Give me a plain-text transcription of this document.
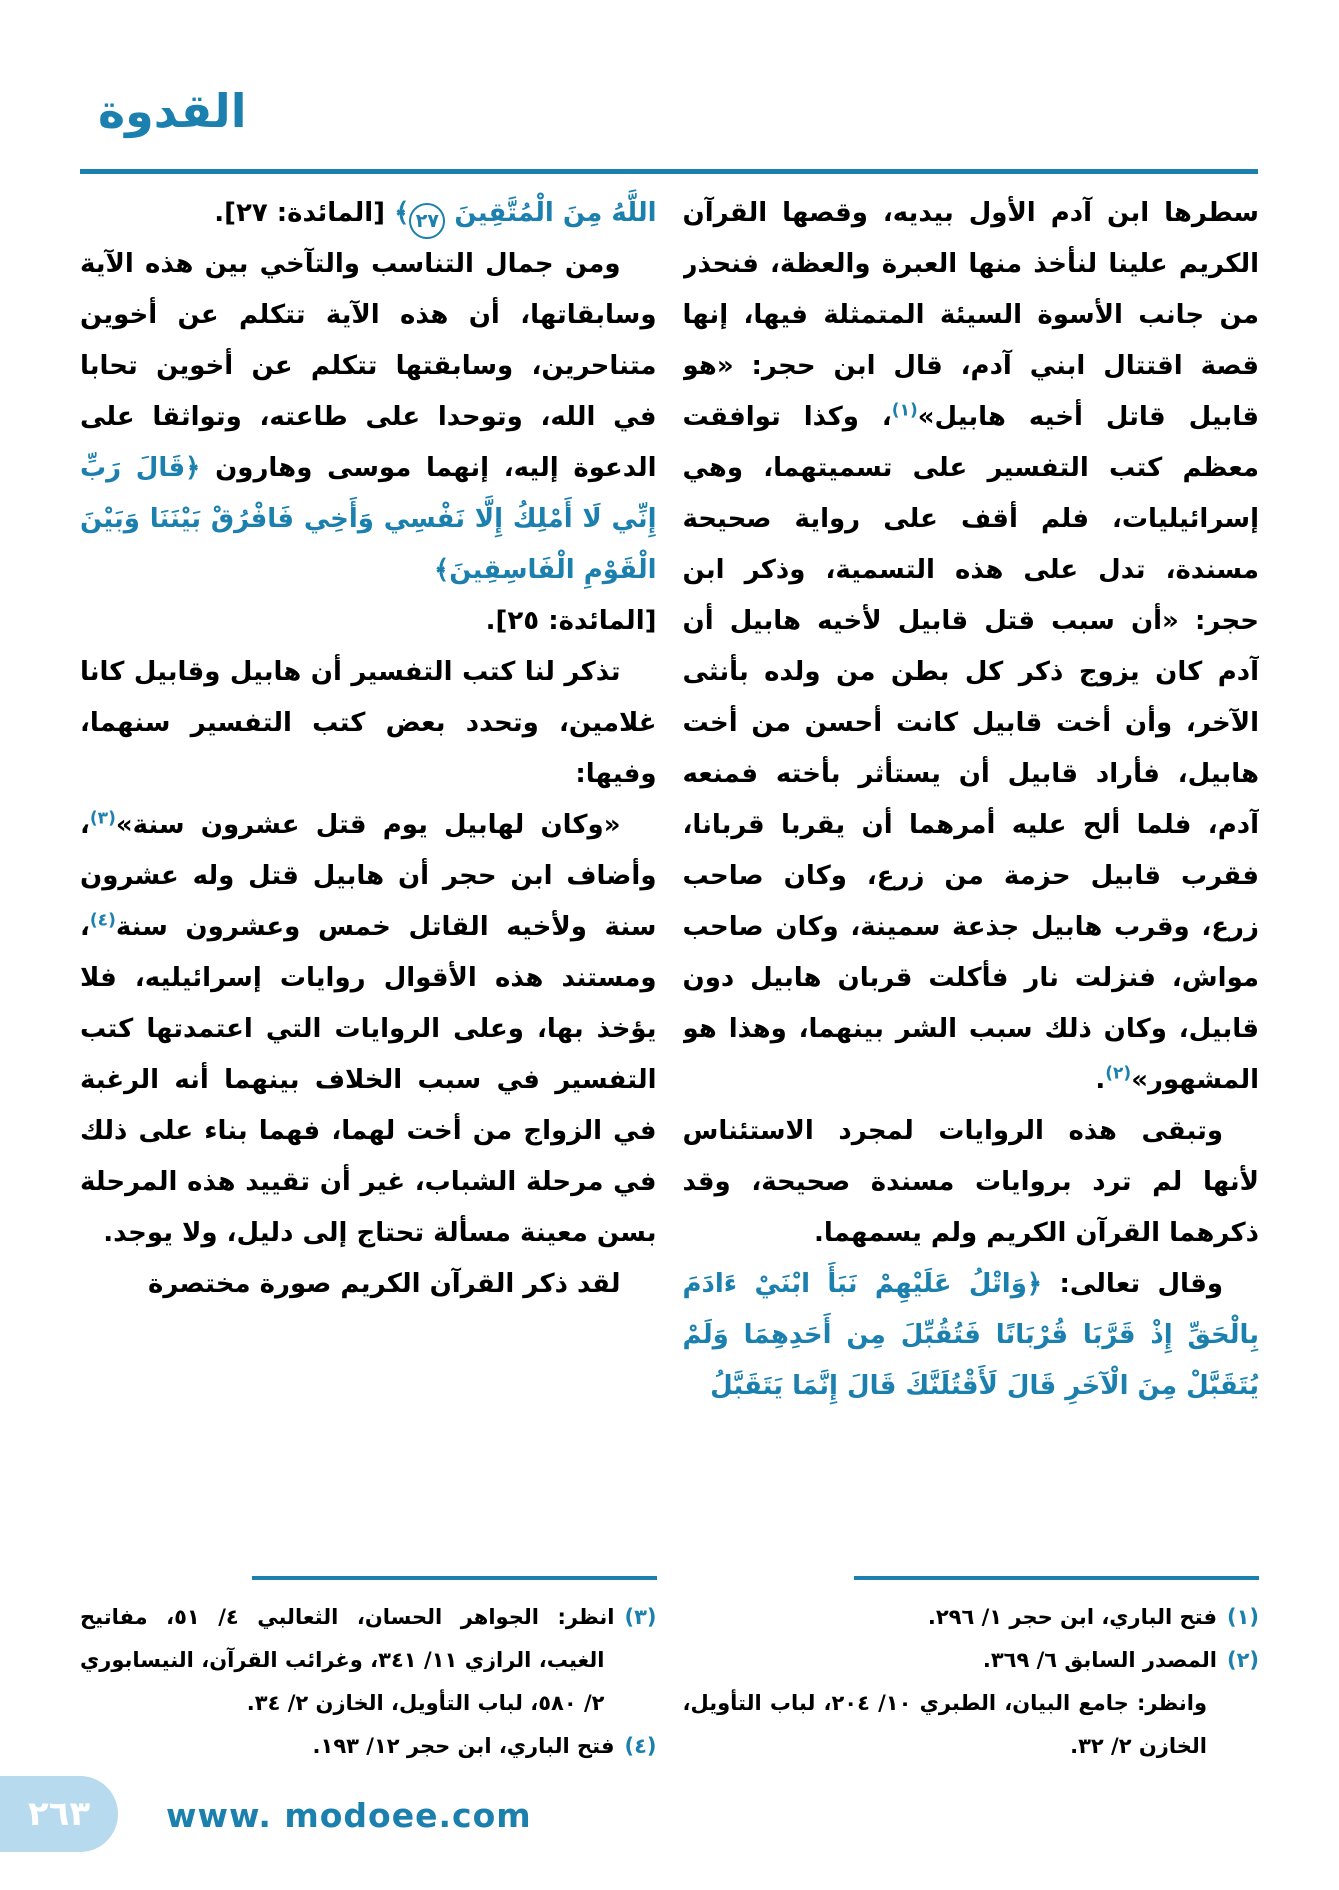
القدوة

سطرها ابن آدم الأول بيديه، وقصها القرآن الكريم علينا لنأخذ منها العبرة والعظة، فنحذر من جانب الأسوة السيئة المتمثلة فيها، إنها قصة اقتتال ابني آدم، قال ابن حجر: «هو قابيل قاتل أخيه هابيل»$^{(١)}$، وكذا توافقت معظم كتب التفسير على تسميتهما، وهي إسرائيليات، فلم أقف على رواية صحيحة مسندة، تدل على هذه التسمية، وذكر ابن حجر: «أن سبب قتل قابيل لأخيه هابيل أن آدم كان يزوج ذكر كل بطن من ولده بأنثى الآخر، وأن أخت قابيل كانت أحسن من أخت هابيل، فأراد قابيل أن يستأثر بأخته فمنعه آدم، فلما ألح عليه أمرهما أن يقربا قربانا، فقرب قابيل حزمة من زرع، وكان صاحب زرع، وقرب هابيل جذعة سمينة، وكان صاحب مواش، فنزلت نار فأكلت قربان هابيل دون قابيل، وكان ذلك سبب الشر بينهما، وهذا هو المشهور»$^{(٢)}$.

وتبقى هذه الروايات لمجرد الاستئناس لأنها لم ترد بروايات مسندة صحيحة، وقد ذكرهما القرآن الكريم ولم يسمهما.

وقال تعالى: ﴿وَاتْلُ عَلَيْهِمْ نَبَأَ ابْنَيْ ءَادَمَ بِالْحَقِّ إِذْ قَرَّبَا قُرْبَانًا فَتُقُبِّلَ مِن أَحَدِهِمَا وَلَمْ يُتَقَبَّلْ مِنَ الْآخَرِ قَالَ لَأَقْتُلَنَّكَ قَالَ إِنَّمَا يَتَقَبَّلُ

(١)فتح الباري، ابن حجر ١/ ٢٩٦.
(٢)المصدر السابق ٦/ ٣٦٩.
وانظر: جامع البيان، الطبري ١٠/ ٢٠٤، لباب التأويل، الخازن ٢/ ٣٢.

اللَّهُ مِنَ الْمُتَّقِينَ ٢٧﴾ [المائدة: ٢٧].

ومن جمال التناسب والتآخي بين هذه الآية وسابقاتها، أن هذه الآية تتكلم عن أخوين متناحرين، وسابقتها تتكلم عن أخوين تحابا في الله، وتوحدا على طاعته، وتواثقا على الدعوة إليه، إنهما موسى وهارون ﴿قَالَ رَبِّ إِنِّي لَا أَمْلِكُ إِلَّا نَفْسِي وَأَخِي فَافْرُقْ بَيْنَنَا وَبَيْنَ الْقَوْمِ الْفَاسِقِينَ﴾

[المائدة: ٢٥].

تذكر لنا كتب التفسير أن هابيل وقابيل كانا غلامين، وتحدد بعض كتب التفسير سنهما، وفيها:

«وكان لهابيل يوم قتل عشرون سنة»$^{(٣)}$، وأضاف ابن حجر أن هابيل قتل وله عشرون سنة ولأخيه القاتل خمس وعشرون سنة$^{(٤)}$، ومستند هذه الأقوال روايات إسرائيليه، فلا يؤخذ بها، وعلى الروايات التي اعتمدتها كتب التفسير في سبب الخلاف بينهما أنه الرغبة في الزواج من أخت لهما، فهما بناء على ذلك في مرحلة الشباب، غير أن تقييد هذه المرحلة بسن معينة مسألة تحتاج إلى دليل، ولا يوجد.

لقد ذكر القرآن الكريم صورة مختصرة

(٣)انظر: الجواهر الحسان، الثعالبي ٤/ ٥١، مفاتيح الغيب، الرازي ١١/ ٣٤١، وغرائب القرآن، النيسابوري ٢/ ٥٨٠، لباب التأويل، الخازن ٢/ ٣٤.
(٤)فتح الباري، ابن حجر ١٢/ ١٩٣.
٢٦٣ www. modoee.com
